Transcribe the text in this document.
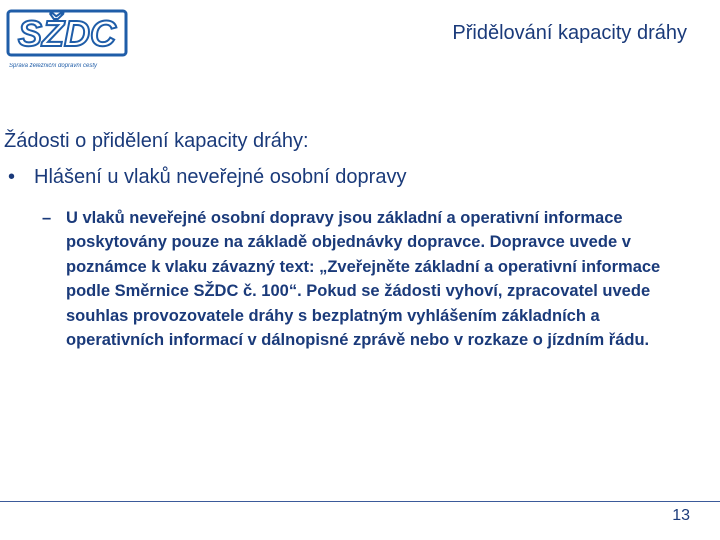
SŽDC
Správa železniční dopravní cesty
Přidělování kapacity dráhy
Žádosti o přidělení kapacity dráhy:
• Hlášení u vlaků neveřejné osobní dopravy
– U vlaků neveřejné osobní dopravy jsou základní a operativní informace poskytovány pouze na základě objednávky dopravce. Dopravce uvede v poznámce k vlaku závazný text: „Zveřejněte základní a operativní informace podle Směrnice SŽDC č. 100“. Pokud se žádosti vyhoví, zpracovatel uvede souhlas provozovatele dráhy s bezplatným vyhlášením základních a operativních informací v dálnopisné zprávě nebo v rozkaze o jízdním řádu.
13
